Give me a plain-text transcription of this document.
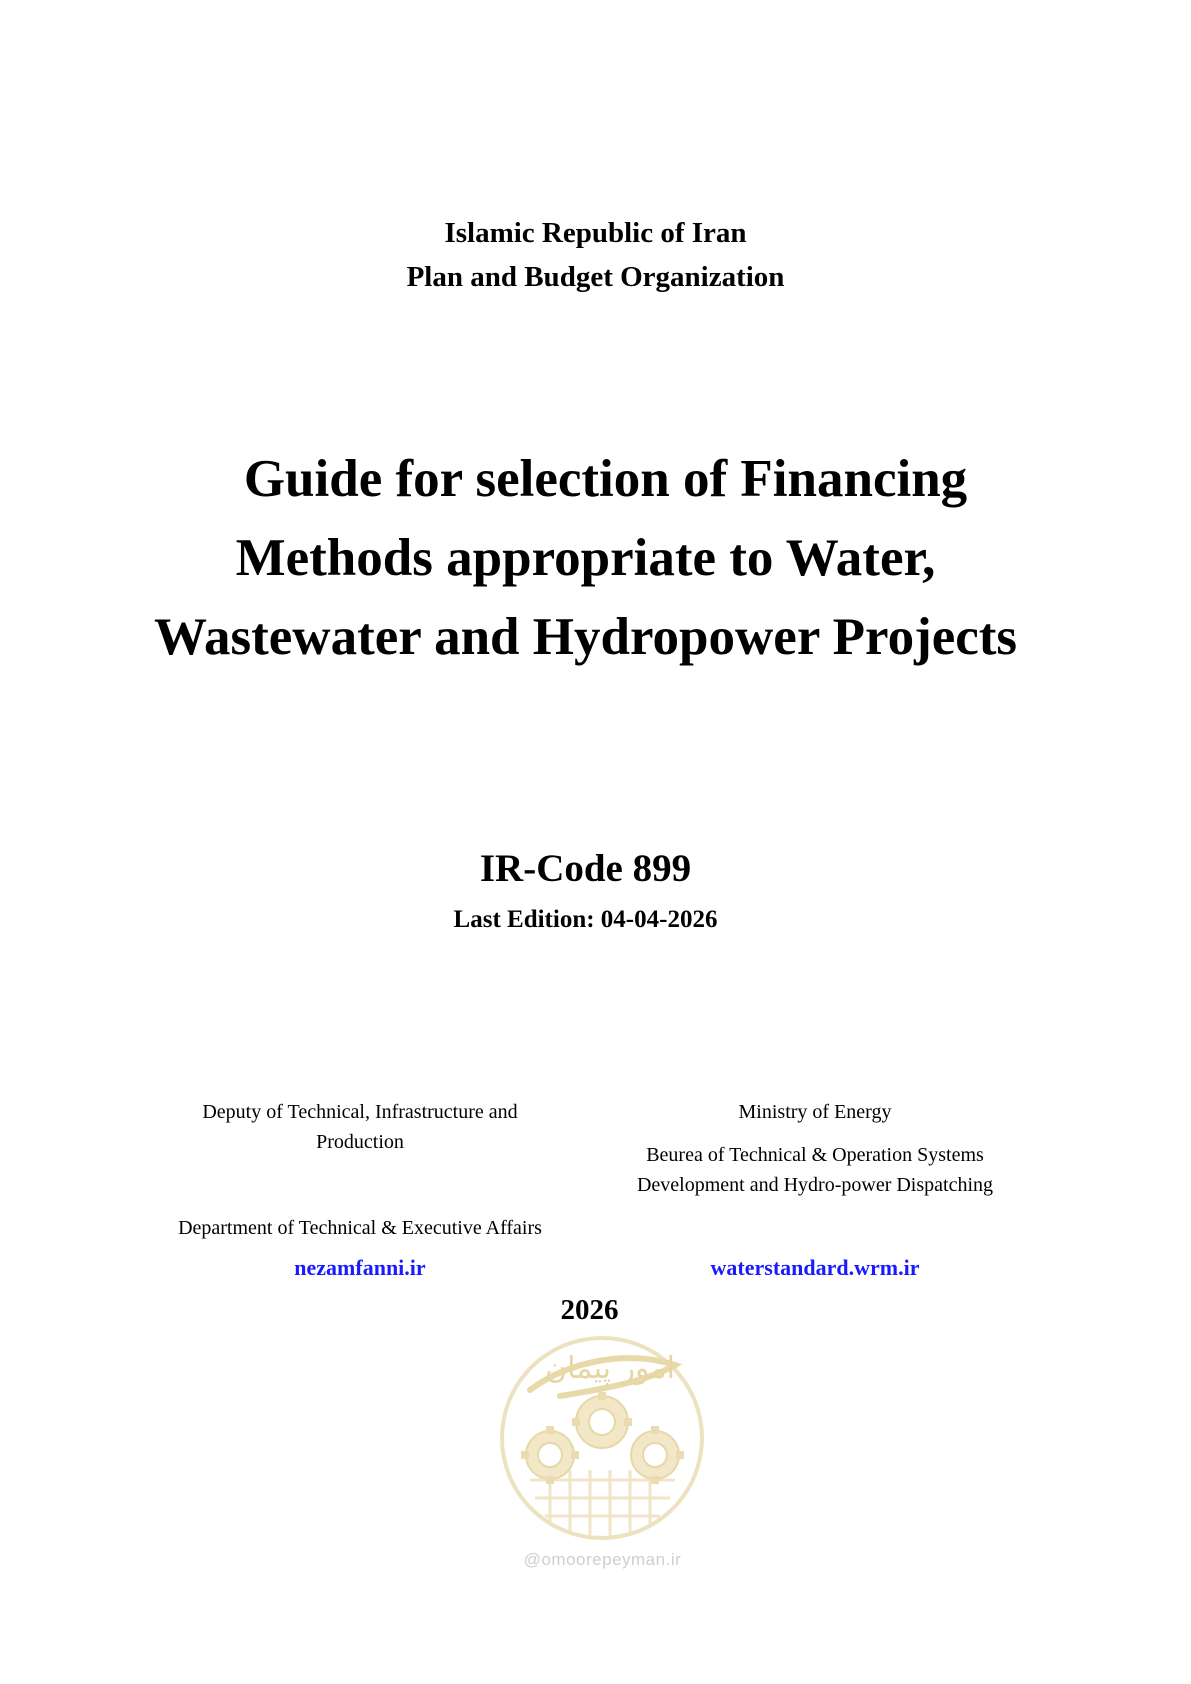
Islamic Republic of Iran
Plan and Budget Organization
Guide for selection of Financing
Methods appropriate to Water,
Wastewater and Hydropower Projects
IR-Code 899
Last Edition: 04-04-2026
Deputy of Technical, Infrastructure and
Production
Department of Technical & Executive Affairs
nezamfanni.ir
Ministry of Energy
Beurea of Technical & Operation Systems
Development and Hydro-power Dispatching
waterstandard.wrm.ir
2026
امور پیمان
@omoorepeyman.ir
